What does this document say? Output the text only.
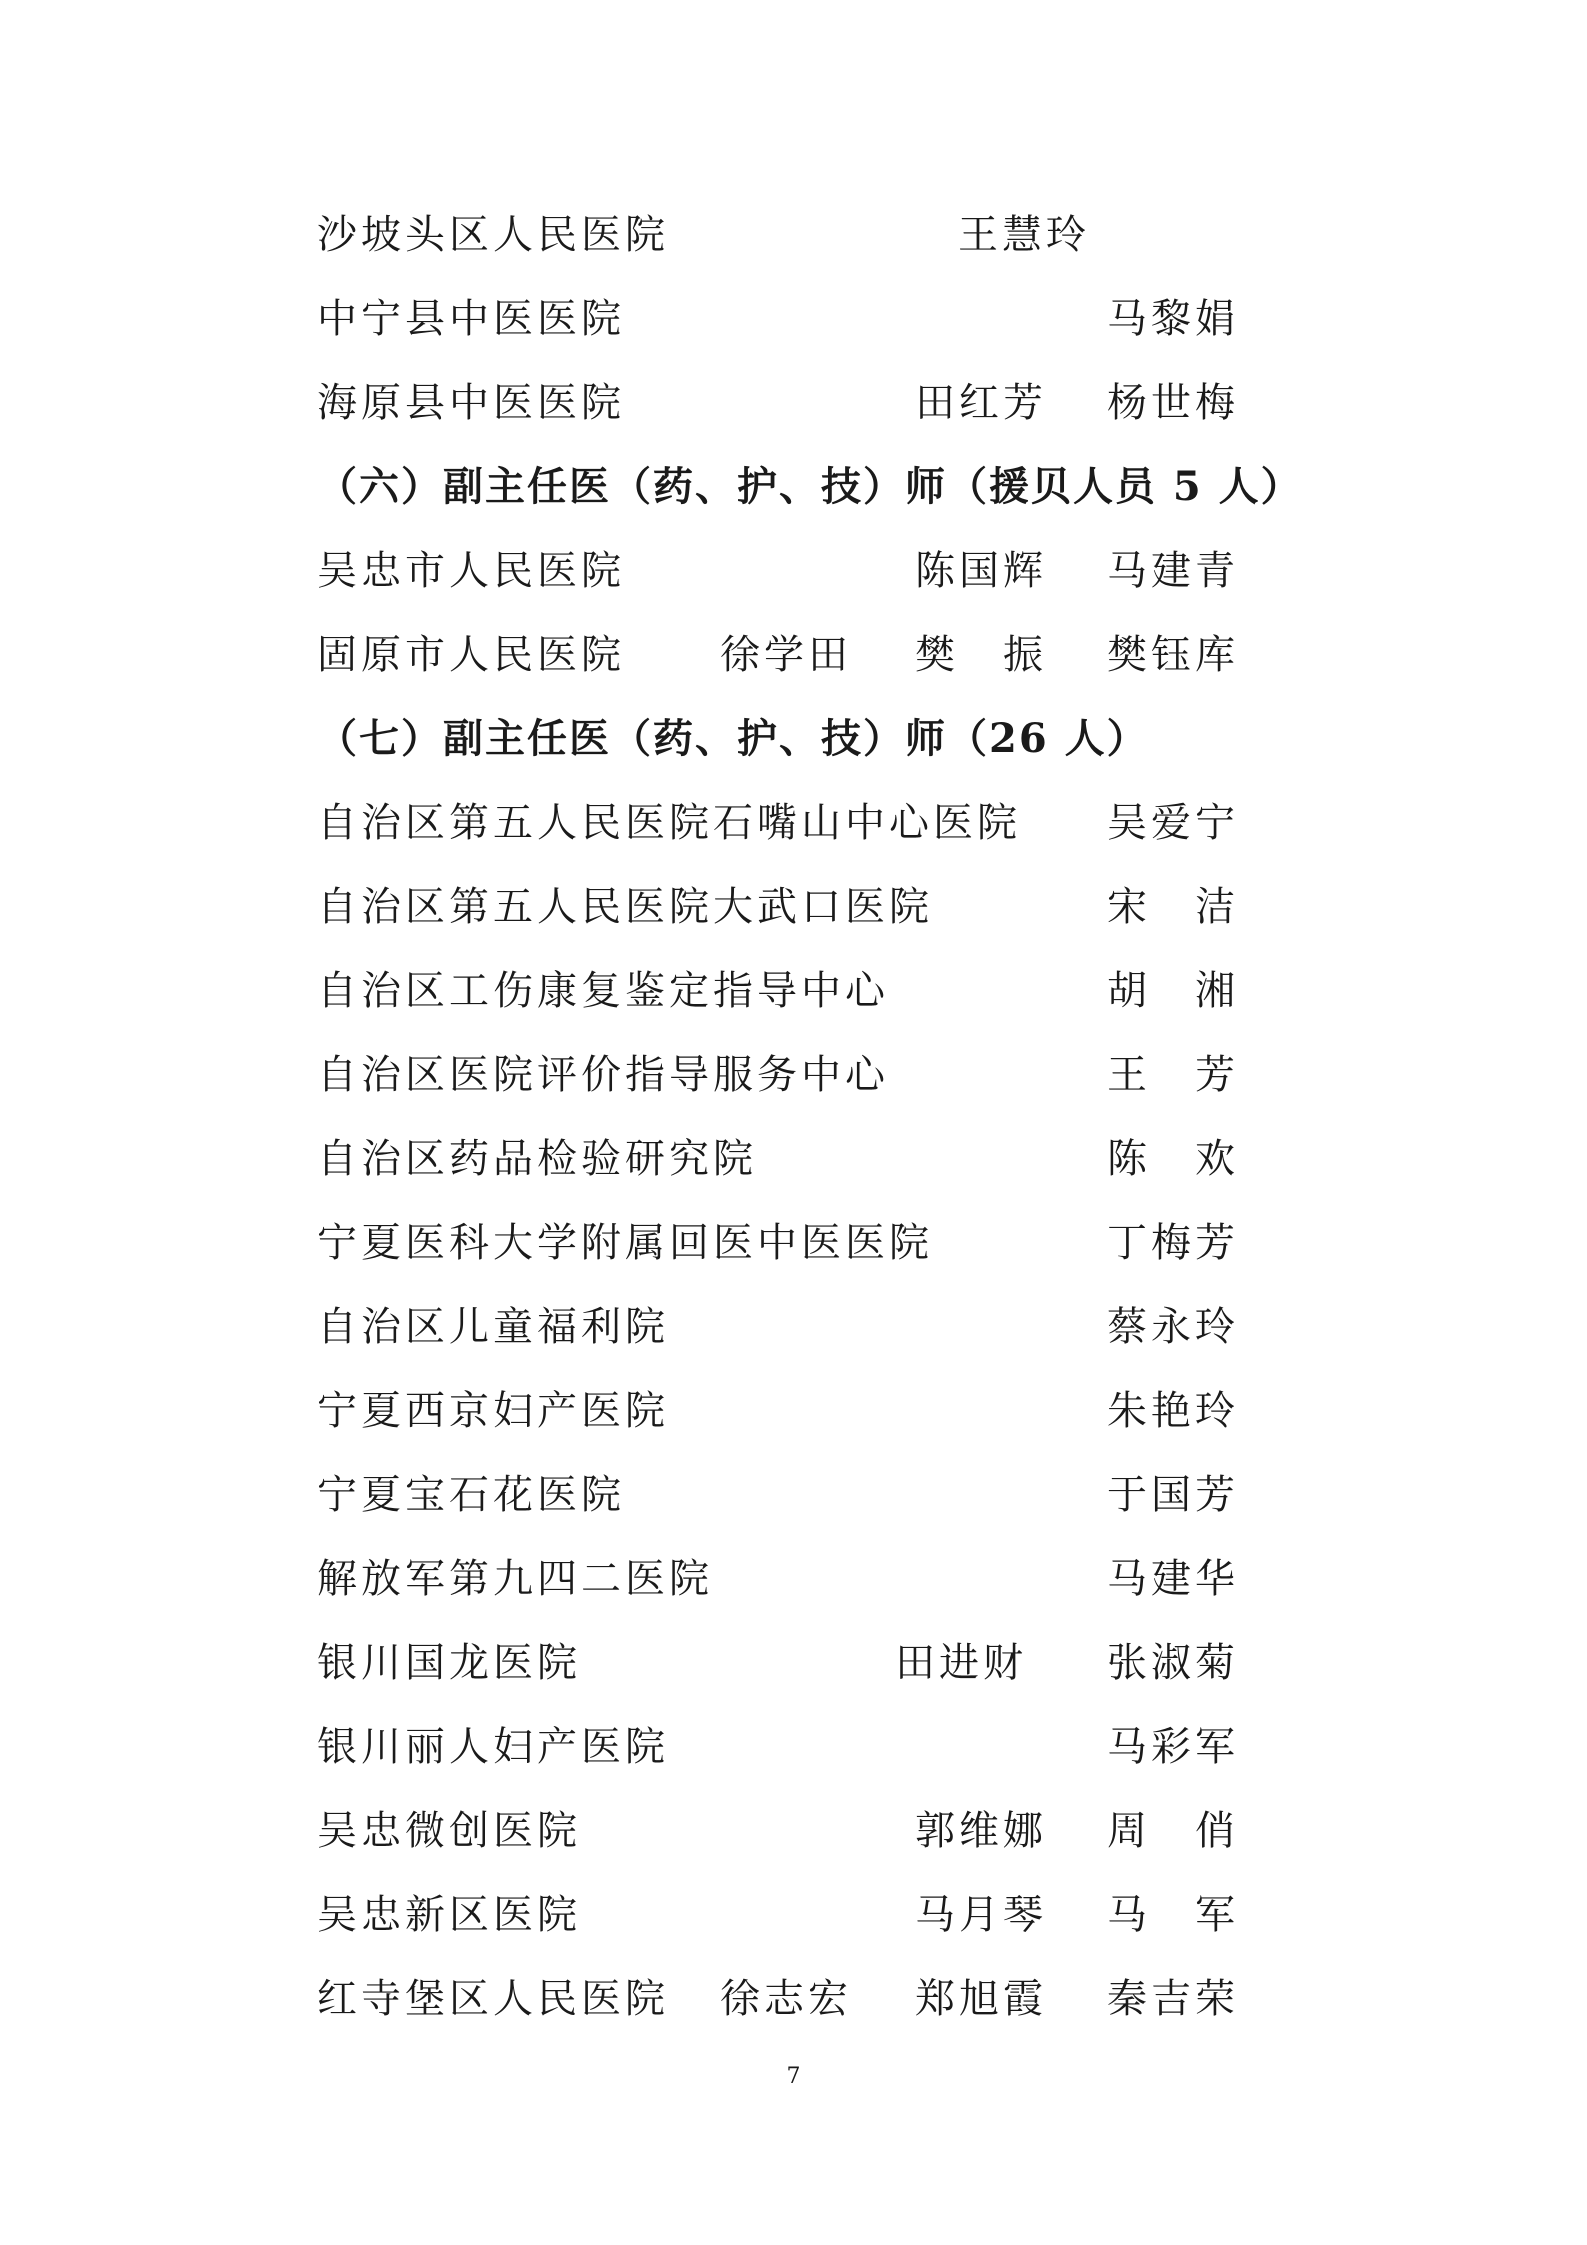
沙坡头区人民医院	王慧玲
中宁县中医医院	马黎娟
海原县中医医院	田红芳 杨世梅
（六）副主任医（药、护、技）师（援贝人员 5 人）
吴忠市人民医院	陈国辉 马建青
固原市人民医院 徐学田 樊　振 樊钰库
（七）副主任医（药、护、技）师（26 人）
自治区第五人民医院石嘴山中心医院 吴爱宁
自治区第五人民医院大武口医院	宋　洁
自治区工伤康复鉴定指导中心	胡　湘
自治区医院评价指导服务中心	王　芳
自治区药品检验研究院	陈　欢
宁夏医科大学附属回医中医医院	丁梅芳
自治区儿童福利院	蔡永玲
宁夏西京妇产医院	朱艳玲
宁夏宝石花医院	于国芳
解放军第九四二医院	马建华
银川国龙医院	田进财 张淑菊
银川丽人妇产医院	马彩军
吴忠微创医院	郭维娜 周　俏
吴忠新区医院	马月琴 马　军
红寺堡区人民医院 徐志宏 郑旭霞 秦吉荣
7
